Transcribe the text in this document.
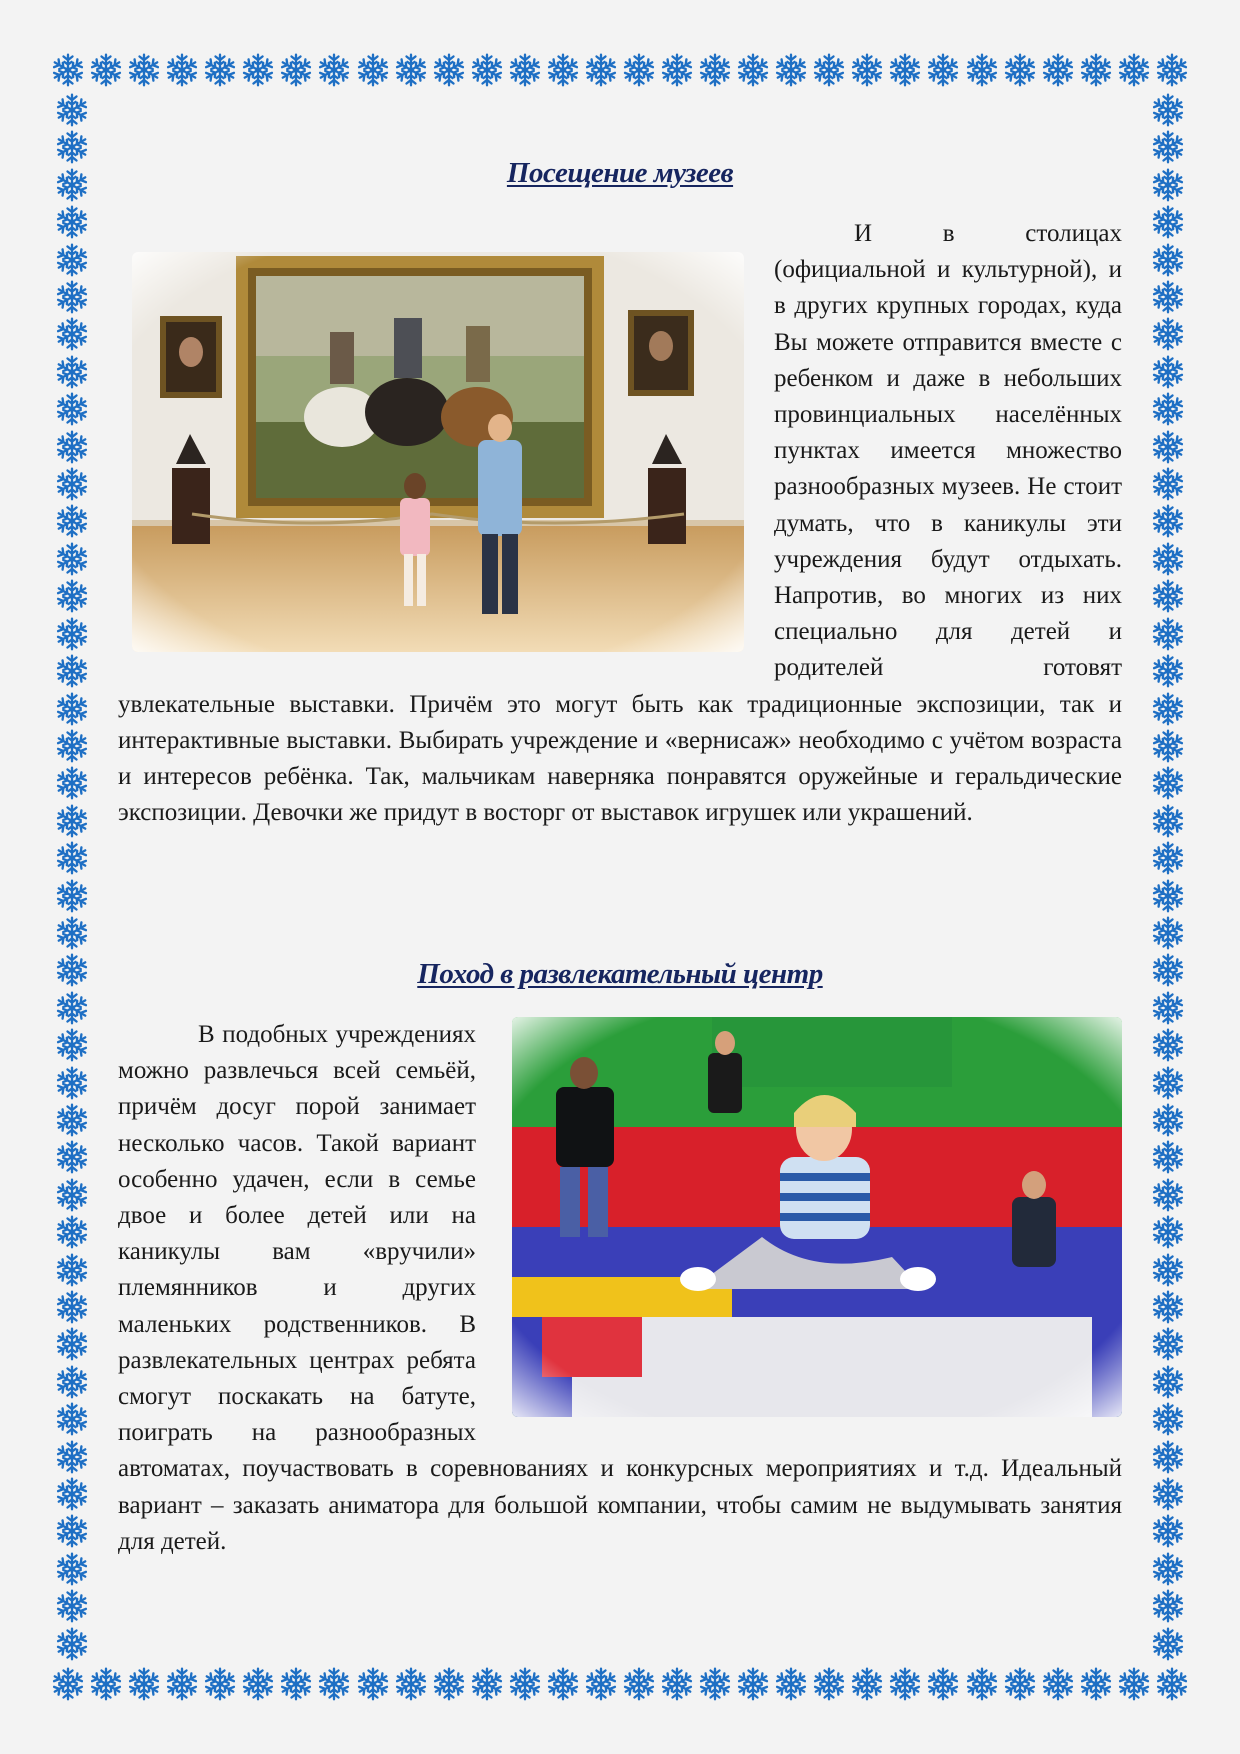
Посещение музеев

И в столицах (официальной и культурной), и в других крупных городах, куда Вы можете отправится вместе с ребенком и даже в небольших провинциальных населённых пунктах имеется множество разнообразных музеев. Не стоит думать, что в каникулы эти учреждения будут отдыхать. Напротив, во многих из них специально для детей и родителей готовят увлекательные выставки. Причём это могут быть как традиционные экспозиции, так и интерактивные выставки. Выбирать учреждение и «вернисаж» необходимо с учётом возраста и интересов ребёнка. Так, мальчикам наверняка понравятся оружейные и геральдические экспозиции. Девочки же придут в восторг от выставок игрушек или украшений.

Поход в развлекательный центр

В подобных учреждениях можно развлечься всей семьёй, причём досуг порой занимает несколько часов. Такой вариант особенно удачен, если в семье двое и более детей или на каникулы вам «вручили» племянников и других маленьких родственников. В развлекательных центрах ребята смогут поскакать на батуте, поиграть на разнообразных автоматах, поучаствовать в соревнованиях и конкурсных мероприятиях и т.д. Идеальный вариант – заказать аниматора для большой компании, чтобы самим не выдумывать занятия для детей.
